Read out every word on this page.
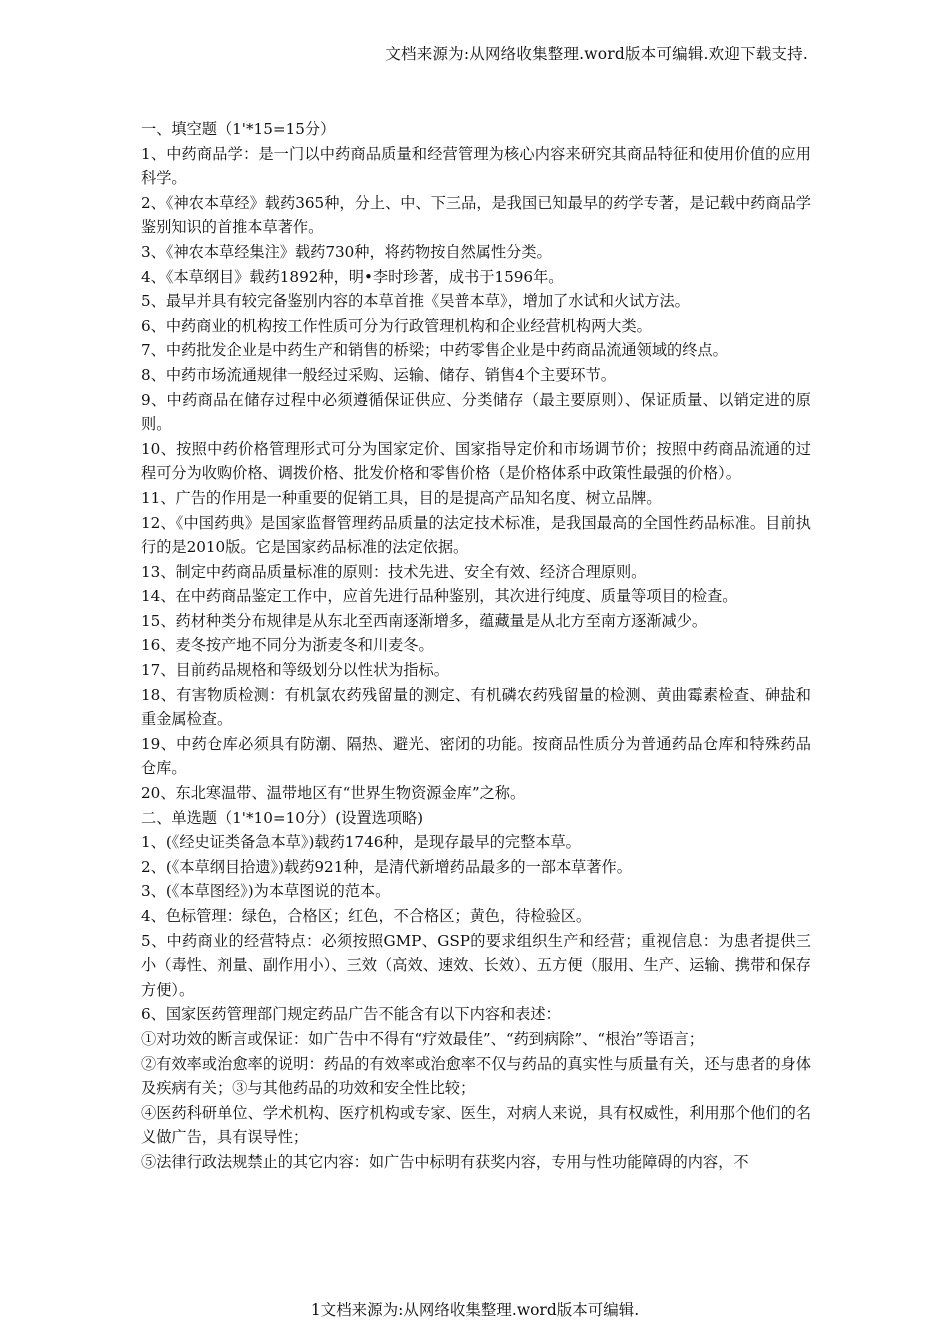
文档来源为:从网络收集整理.word版本可编辑.欢迎下载支持.

一、填空题（1'*15=15分）

1、中药商品学：是一门以中药商品质量和经营管理为核心内容来研究其商品特征和使用价值的应用科学。

2、《神农本草经》载药365种，分上、中、下三品，是我国已知最早的药学专著，是记载中药商品学鉴别知识的首推本草著作。

3、《神农本草经集注》载药730种，将药物按自然属性分类。

4、《本草纲目》载药1892种，明•李时珍著，成书于1596年。

5、最早并具有较完备鉴别内容的本草首推《吴普本草》，增加了水试和火试方法。

6、中药商业的机构按工作性质可分为行政管理机构和企业经营机构两大类。

7、中药批发企业是中药生产和销售的桥梁；中药零售企业是中药商品流通领域的终点。

8、中药市场流通规律一般经过采购、运输、储存、销售4个主要环节。

9、中药商品在储存过程中必须遵循保证供应、分类储存（最主要原则）、保证质量、以销定进的原则。

10、按照中药价格管理形式可分为国家定价、国家指导定价和市场调节价；按照中药商品流通的过程可分为收购价格、调拨价格、批发价格和零售价格（是价格体系中政策性最强的价格）。

11、广告的作用是一种重要的促销工具，目的是提高产品知名度、树立品牌。

12、《中国药典》是国家监督管理药品质量的法定技术标准，是我国最高的全国性药品标准。目前执行的是2010版。它是国家药品标准的法定依据。

13、制定中药商品质量标准的原则：技术先进、安全有效、经济合理原则。

14、在中药商品鉴定工作中，应首先进行品种鉴别，其次进行纯度、质量等项目的检查。

15、药材种类分布规律是从东北至西南逐渐增多，蕴藏量是从北方至南方逐渐减少。

16、麦冬按产地不同分为浙麦冬和川麦冬。

17、目前药品规格和等级划分以性状为指标。

18、有害物质检测：有机氯农药残留量的测定、有机磷农药残留量的检测、黄曲霉素检查、砷盐和重金属检查。

19、中药仓库必须具有防潮、隔热、避光、密闭的功能。按商品性质分为普通药品仓库和特殊药品仓库。

20、东北寒温带、温带地区有“世界生物资源金库”之称。

二、单选题（1'*10=10分）(设置选项略)

1、(《经史证类备急本草》)载药1746种，是现存最早的完整本草。

2、(《本草纲目拾遗》)载药921种，是清代新增药品最多的一部本草著作。

3、(《本草图经》)为本草图说的范本。

4、色标管理：绿色，合格区；红色，不合格区；黄色，待检验区。

5、中药商业的经营特点：必须按照GMP、GSP的要求组织生产和经营；重视信息：为患者提供三小（毒性、剂量、副作用小）、三效（高效、速效、长效）、五方便（服用、生产、运输、携带和保存方便）。

6、国家医药管理部门规定药品广告不能含有以下内容和表述：

①对功效的断言或保证：如广告中不得有“疗效最佳”、“药到病除”、“根治”等语言；

②有效率或治愈率的说明：药品的有效率或治愈率不仅与药品的真实性与质量有关，还与患者的身体及疾病有关；③与其他药品的功效和安全性比较；

④医药科研单位、学术机构、医疗机构或专家、医生，对病人来说，具有权威性，利用那个他们的名义做广告，具有误导性；

⑤法律行政法规禁止的其它内容：如广告中标明有获奖内容，专用与性功能障碍的内容，不

1文档来源为:从网络收集整理.word版本可编辑.
